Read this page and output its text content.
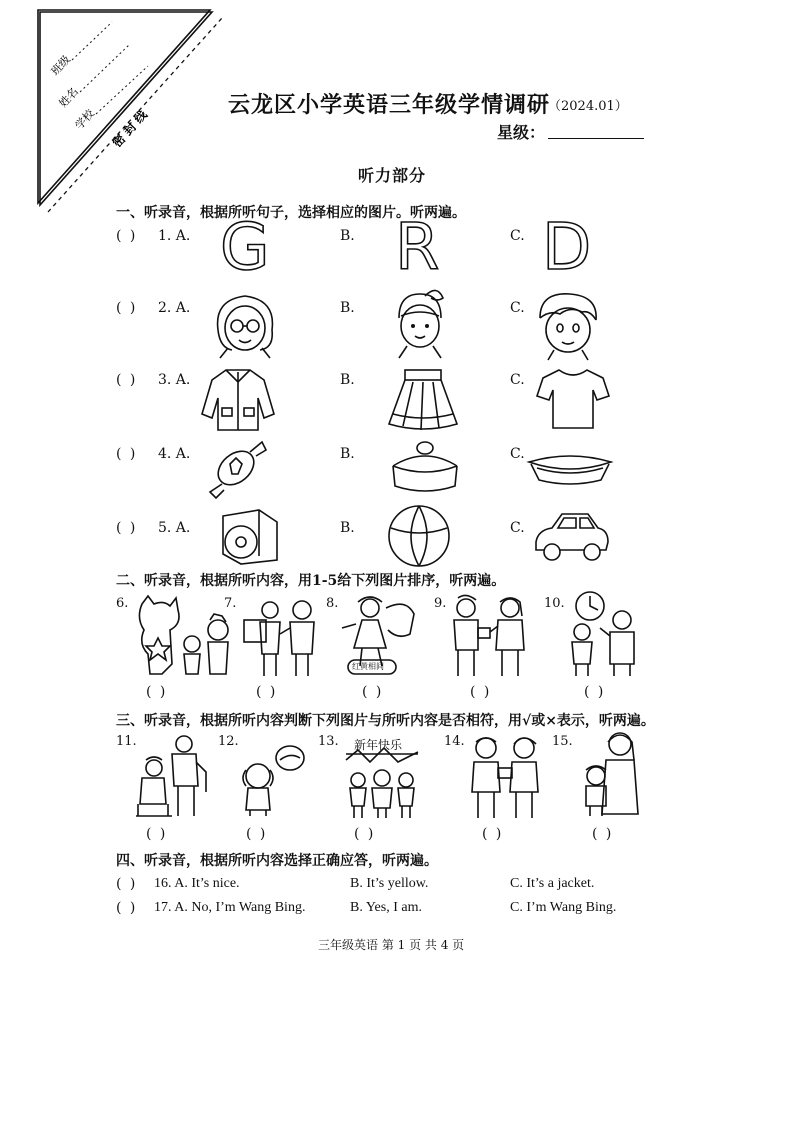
班级
姓名
学校 密 封 线
云龙区小学英语三年级学情调研
（2024.01）
星级：
听力部分
一、听录音，根据所听句子，选择相应的图片。听两遍。
( ) 1. A.	B.	C.
G R D
( ) 2. A.	B.	C.
( ) 3. A.	B.	C.
( ) 4. A.	B.	C.
( ) 5. A.	B.	C.
二、听录音，根据所听内容，用1-5给下列图片排序，听两遍。
6.
( )
7.
( )
8.
红黄相间
( )
9.
( )
10.
( )
三、听录音，根据所听内容判断下列图片与所听内容是否相符，用√或×表示，听两遍。
11.
( )
12.
( )
13. 新年快乐
( )
14.
( )
15.
( )
四、听录音，根据所听内容选择正确应答，听两遍。
( ) 16. A. It’s nice.	B. It’s yellow.	C. It’s a jacket.
( ) 17. A. No, I’m Wang Bing.	B. Yes, I am.	C. I’m Wang Bing.
三年级英语 第 1 页 共 4 页
